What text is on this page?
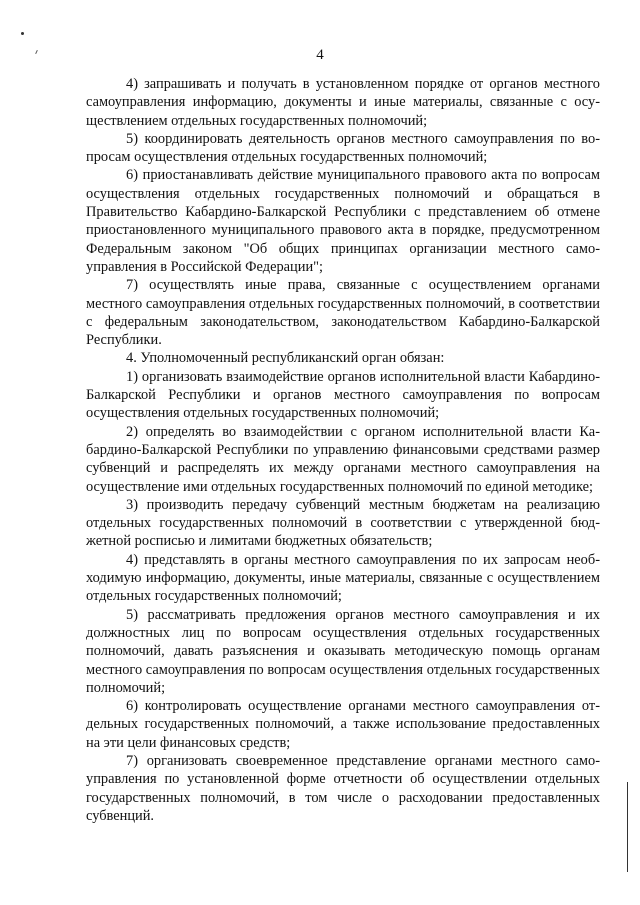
4

4) запрашивать и получать в установленном порядке от органов местного самоуправления информацию, документы и иные материалы, связанные с осуществлением отдельных государственных полномочий;

5) координировать деятельность органов местного самоуправления по вопросам осуществления отдельных государственных полномочий;

6) приостанавливать действие муниципального правового акта по вопросам осуществления отдельных государственных полномочий и обращаться в Правительство Кабардино-Балкарской Республики с представлением об отмене приостановленного муниципального правового акта в порядке, предусмотренном Федеральным законом "Об общих принципах организации местного самоуправления в Российской Федерации";

7) осуществлять иные права, связанные с осуществлением органами местного самоуправления отдельных государственных полномочий, в соответствии с федеральным законодательством, законодательством Кабардино-Балкарской Республики.

4. Уполномоченный республиканский орган обязан:

1) организовать взаимодействие органов исполнительной власти Кабардино-Балкарской Республики и органов местного самоуправления по вопросам осуществления отдельных государственных полномочий;

2) определять во взаимодействии с органом исполнительной власти Кабардино-Балкарской Республики по управлению финансовыми средствами размер субвенций и распределять их между органами местного самоуправления на осуществление ими отдельных государственных полномочий по единой методике;

3) производить передачу субвенций местным бюджетам на реализацию отдельных государственных полномочий в соответствии с утвержденной бюджетной росписью и лимитами бюджетных обязательств;

4) представлять в органы местного самоуправления по их запросам необходимую информацию, документы, иные материалы, связанные с осуществлением отдельных государственных полномочий;

5) рассматривать предложения органов местного самоуправления и их должностных лиц по вопросам осуществления отдельных государственных полномочий, давать разъяснения и оказывать методическую помощь органам местного самоуправления по вопросам осуществления отдельных государственных полномочий;

6) контролировать осуществление органами местного самоуправления отдельных государственных полномочий, а также использование предоставленных на эти цели финансовых средств;

7) организовать своевременное представление органами местного самоуправления по установленной форме отчетности об осуществлении отдельных государственных полномочий, в том числе о расходовании предоставленных субвенций.
